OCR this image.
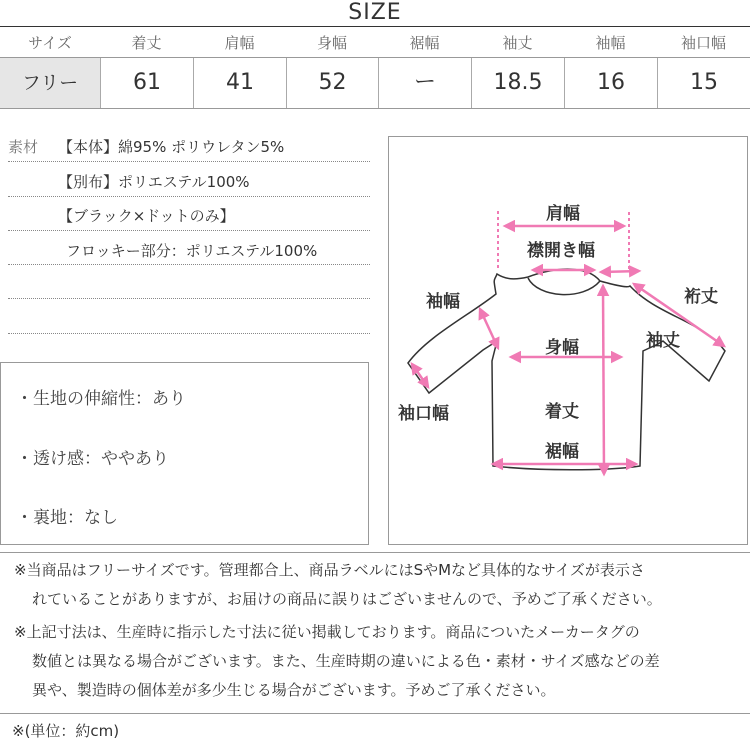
SIZE
サイズ	着丈	肩幅	身幅	裾幅	袖丈	袖幅	袖口幅
フリー	61	41	52	ー	18.5	16	15
素材 【本体】綿95% ポリウレタン5%
【別布】ポリエステル100%
【ブラック×ドットのみ】
フロッキー部分：ポリエステル100%
・生地の伸縮性：あり
・透け感：ややあり
・裏地：なし
肩幅
襟開き幅
裄丈
袖幅
袖丈
身幅
袖口幅	着丈
裾幅
※当商品はフリーサイズです。管理都合上、商品ラベルにはSやMなど具体的なサイズが表示さ
れていることがありますが、お届けの商品に誤りはございませんので、予めご了承ください。
※上記寸法は、生産時に指示した寸法に従い掲載しております。商品についたメーカータグの
数値とは異なる場合がございます。また、生産時期の違いによる色・素材・サイズ感などの差
異や、製造時の個体差が多少生じる場合がございます。予めご了承ください。
※(単位：約cm)
